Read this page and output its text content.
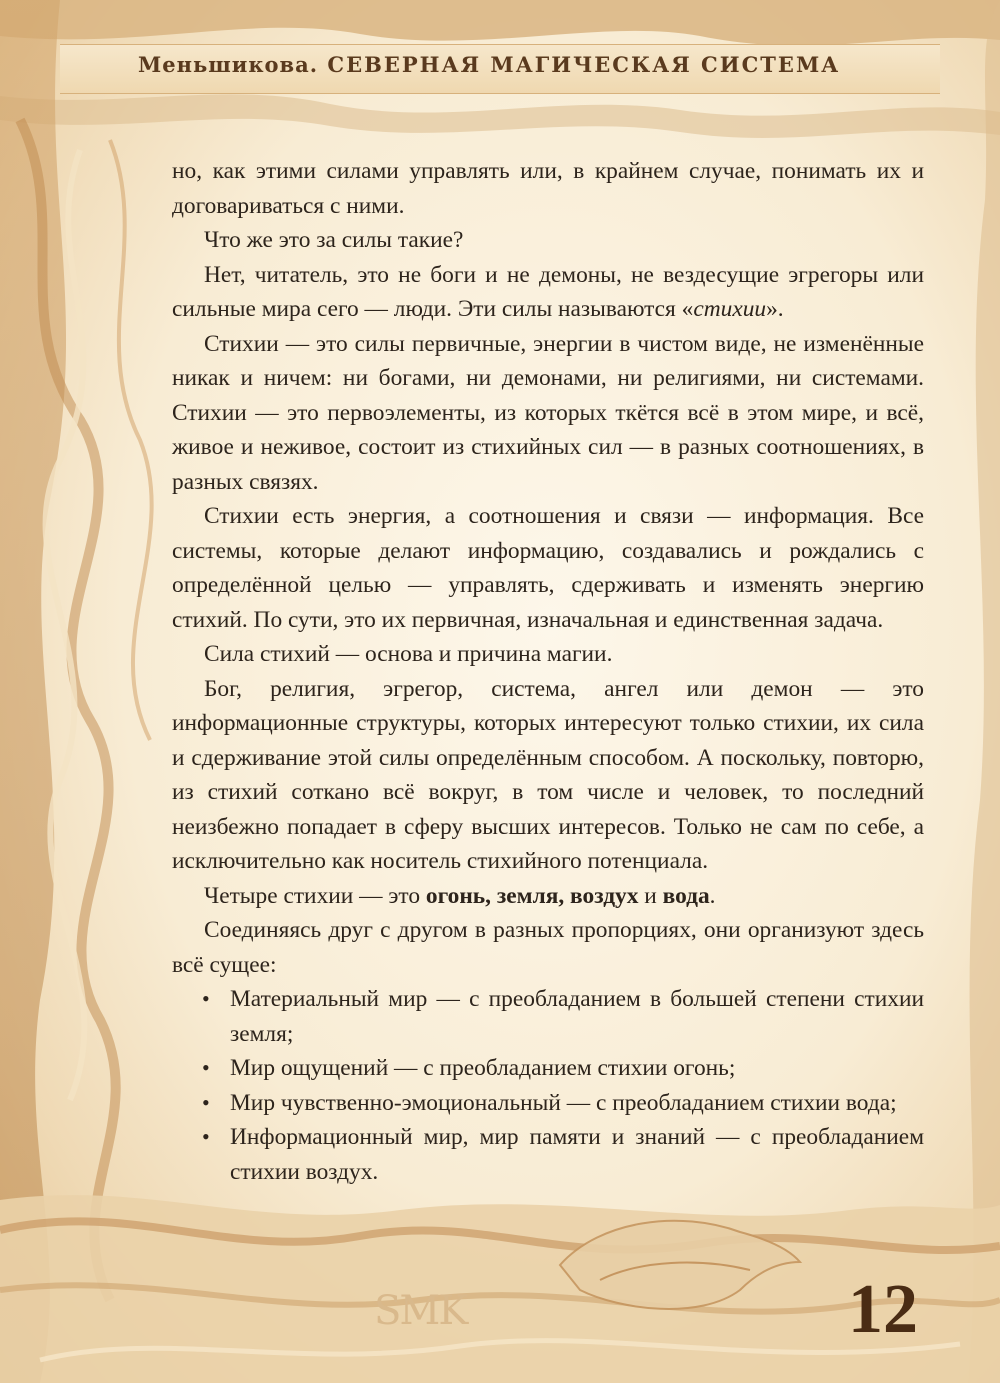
Меньшикова. СЕВЕРНАЯ МАГИЧЕСКАЯ СИСТЕМА

но, как этими силами управлять или, в крайнем случае, понимать их и договариваться с ними.

Что же это за силы такие?

Нет, читатель, это не боги и не демоны, не вездесущие эгрегоры или сильные мира сего — люди. Эти силы называются «стихии».

Стихии — это силы первичные, энергии в чистом виде, не изменённые никак и ничем: ни богами, ни демонами, ни религиями, ни системами. Стихии — это первоэлементы, из которых ткётся всё в этом мире, и всё, живое и неживое, состоит из стихийных сил — в разных соотношениях, в разных связях.

Стихии есть энергия, а соотношения и связи — информация. Все системы, которые делают информацию, создавались и рождались с определённой целью — управлять, сдерживать и изменять энергию стихий. По сути, это их первичная, изначальная и единственная задача.

Сила стихий — основа и причина магии.

Бог, религия, эгрегор, система, ангел или демон — это информационные структуры, которых интересуют только стихии, их сила и сдерживание этой силы определённым способом. А поскольку, повторю, из стихий соткано всё вокруг, в том числе и человек, то последний неизбежно попадает в сферу высших интересов. Только не сам по себе, а исключительно как носитель стихийного потенциала.

Четыре стихии — это огонь, земля, воздух и вода.

Соединяясь друг с другом в разных пропорциях, они организуют здесь всё сущее:

• Материальный мир — с преобладанием в большей степени стихии земля;
• Мир ощущений — с преобладанием стихии огонь;
• Мир чувственно-эмоциональный — с преобладанием стихии вода;
• Информационный мир, мир памяти и знаний — с преобладанием стихии воздух.
SMK	12
